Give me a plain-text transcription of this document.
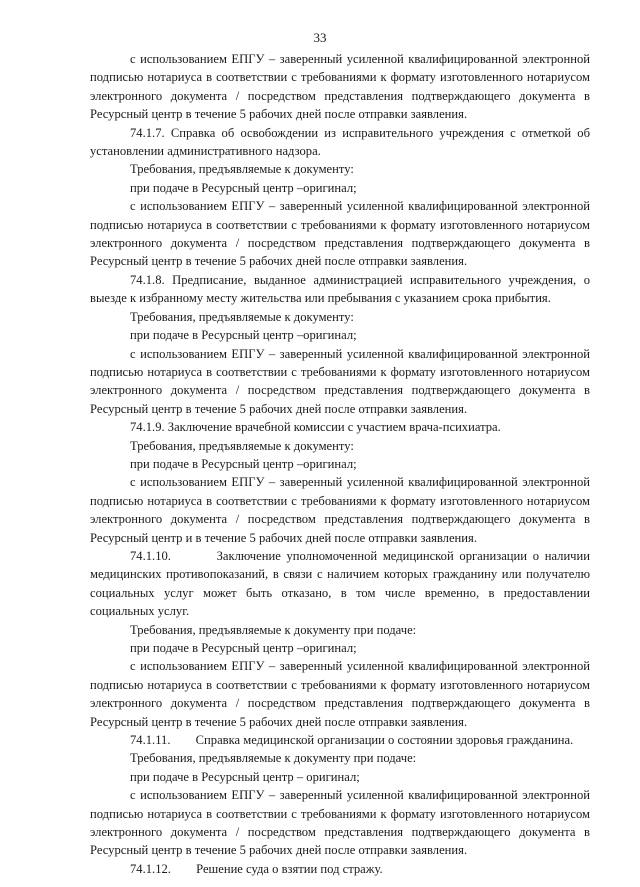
33

с использованием ЕПГУ – заверенный усиленной квалифицированной электронной подписью нотариуса в соответствии с требованиями к формату изготовленного нотариусом электронного документа / посредством представления подтверждающего документа в Ресурсный центр в течение 5 рабочих дней после отправки заявления.

74.1.7. Справка об освобождении из исправительного учреждения с отметкой об установлении административного надзора.

Требования, предъявляемые к документу:

при подаче в Ресурсный центр –оригинал;

с использованием ЕПГУ – заверенный усиленной квалифицированной электронной подписью нотариуса в соответствии с требованиями к формату изготовленного нотариусом электронного документа / посредством представления подтверждающего документа в Ресурсный центр в течение 5 рабочих дней после отправки заявления.

74.1.8. Предписание, выданное администрацией исправительного учреждения, о выезде к избранному месту жительства или пребывания с указанием срока прибытия.

Требования, предъявляемые к документу:

при подаче в Ресурсный центр –оригинал;

с использованием ЕПГУ – заверенный усиленной квалифицированной электронной подписью нотариуса в соответствии с требованиями к формату изготовленного нотариусом электронного документа / посредством представления подтверждающего документа в Ресурсный центр в течение 5 рабочих дней после отправки заявления.

74.1.9. Заключение врачебной комиссии с участием врача-психиатра.

Требования, предъявляемые к документу:

при подаче в Ресурсный центр –оригинал;

с использованием ЕПГУ – заверенный усиленной квалифицированной электронной подписью нотариуса в соответствии с требованиями к формату изготовленного нотариусом электронного документа / посредством представления подтверждающего документа в Ресурсный центр и в течение 5 рабочих дней после отправки заявления.

74.1.10.        Заключение уполномоченной медицинской организации о наличии медицинских противопоказаний, в связи с наличием которых гражданину или получателю социальных услуг может быть отказано, в том числе временно, в предоставлении социальных услуг.

Требования, предъявляемые к документу при подаче:

при подаче в Ресурсный центр –оригинал;

с использованием ЕПГУ – заверенный усиленной квалифицированной электронной подписью нотариуса в соответствии с требованиями к формату изготовленного нотариусом электронного документа / посредством представления подтверждающего документа в Ресурсный центр в течение 5 рабочих дней после отправки заявления.

74.1.11.        Справка медицинской организации о состоянии здоровья гражданина.

Требования, предъявляемые к документу при подаче:

при подаче в Ресурсный центр – оригинал;

с использованием ЕПГУ – заверенный усиленной квалифицированной электронной подписью нотариуса в соответствии с требованиями к формату изготовленного нотариусом электронного документа / посредством представления подтверждающего документа в Ресурсный центр в течение 5 рабочих дней после отправки заявления.

74.1.12.        Решение суда о взятии под стражу.
